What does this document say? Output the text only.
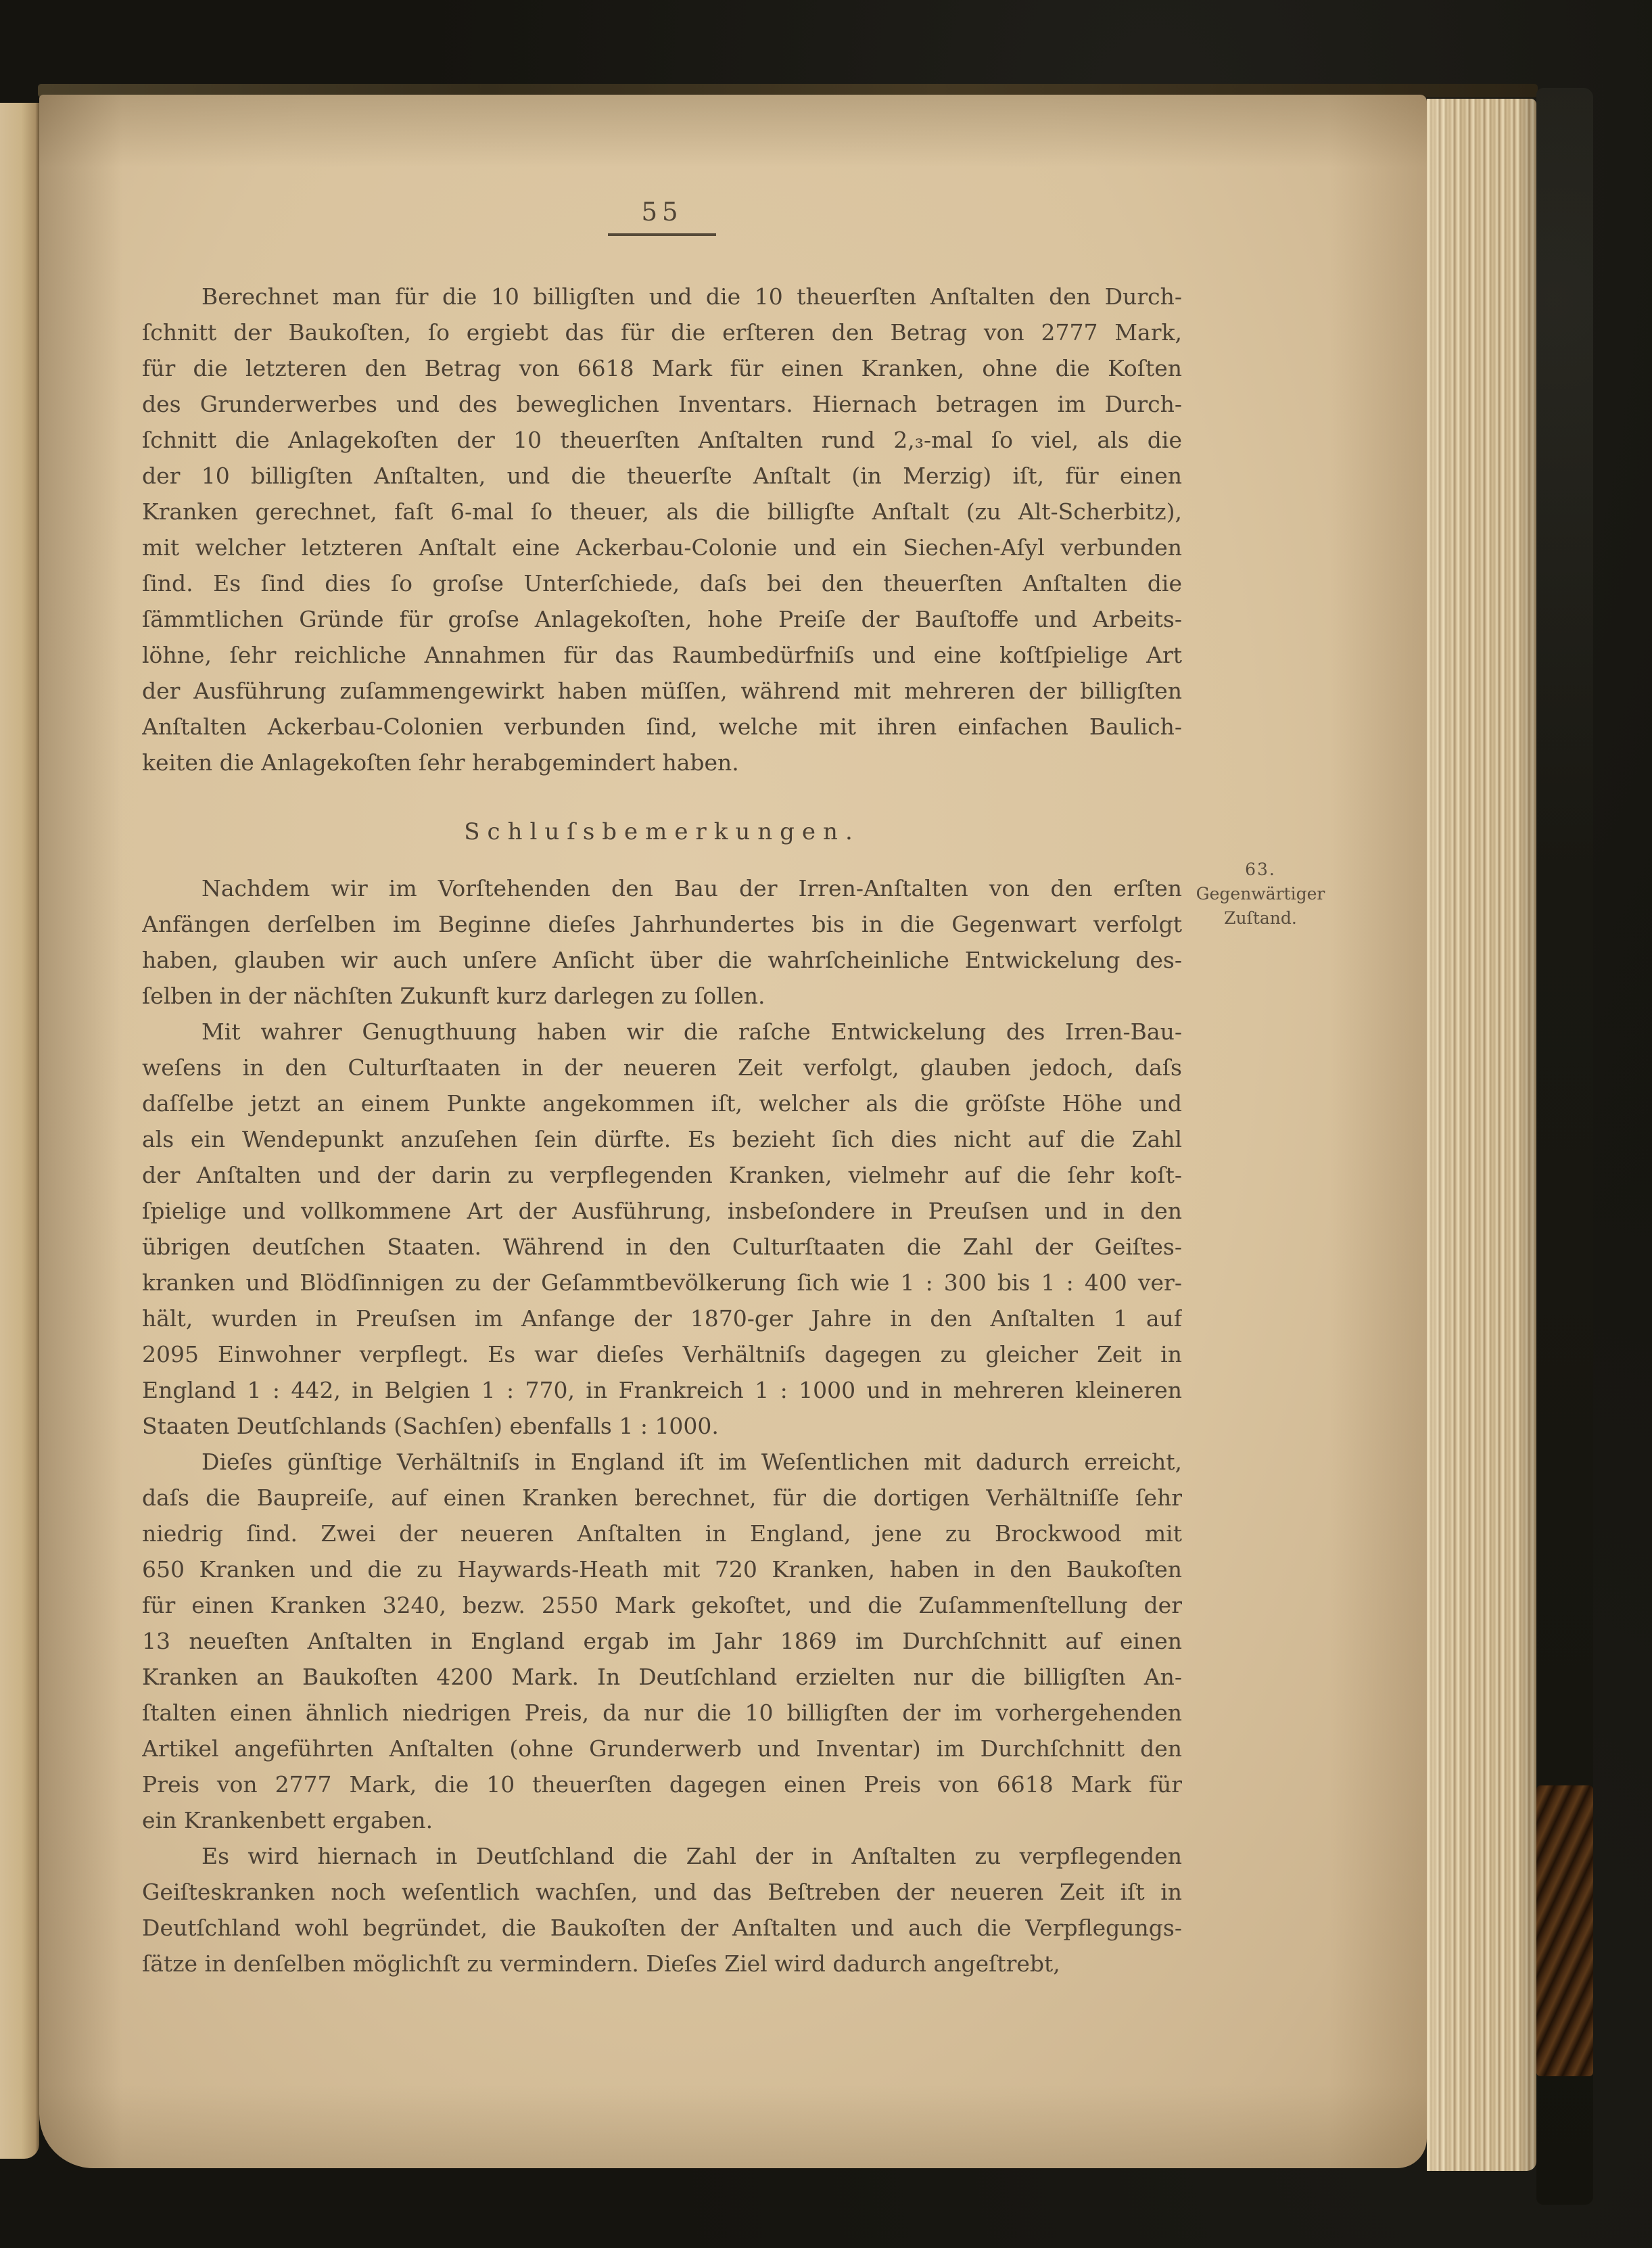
55
Berechnet man für die 10 billigſten und die 10 theuerſten Anſtalten den Durch-
ſchnitt der Baukoſten, ſo ergiebt das für die erſteren den Betrag von 2777 Mark,
für die letzteren den Betrag von 6618 Mark für einen Kranken, ohne die Koſten
des Grunderwerbes und des beweglichen Inventars. Hiernach betragen im Durch-
ſchnitt die Anlagekoſten der 10 theuerſten Anſtalten rund 2,₃-mal ſo viel, als die
der 10 billigſten Anſtalten, und die theuerſte Anſtalt (in Merzig) iſt, für einen
Kranken gerechnet, faſt 6-mal ſo theuer, als die billigſte Anſtalt (zu Alt-Scherbitz),
mit welcher letzteren Anſtalt eine Ackerbau-Colonie und ein Siechen-Aſyl verbunden
ſind. Es ſind dies ſo groſse Unterſchiede, daſs bei den theuerſten Anſtalten die
ſämmtlichen Gründe für groſse Anlagekoſten, hohe Preiſe der Bauſtoffe und Arbeits-
löhne, ſehr reichliche Annahmen für das Raumbedürfniſs und eine koſtſpielige Art
der Ausführung zuſammengewirkt haben müſſen, während mit mehreren der billigſten
Anſtalten Ackerbau-Colonien verbunden ſind, welche mit ihren einfachen Baulich-
keiten die Anlagekoſten ſehr herabgemindert haben.
Schluſsbemerkungen.
Nachdem wir im Vorſtehenden den Bau der Irren-Anſtalten von den erſten
Anfängen derſelben im Beginne dieſes Jahrhundertes bis in die Gegenwart verfolgt
haben, glauben wir auch unſere Anſicht über die wahrſcheinliche Entwickelung des-
ſelben in der nächſten Zukunft kurz darlegen zu ſollen.
Mit wahrer Genugthuung haben wir die raſche Entwickelung des Irren-Bau-
weſens in den Culturſtaaten in der neueren Zeit verfolgt, glauben jedoch, daſs
daſſelbe jetzt an einem Punkte angekommen iſt, welcher als die gröſste Höhe und
als ein Wendepunkt anzuſehen ſein dürfte. Es bezieht ſich dies nicht auf die Zahl
der Anſtalten und der darin zu verpflegenden Kranken, vielmehr auf die ſehr koſt-
ſpielige und vollkommene Art der Ausführung, insbeſondere in Preuſsen und in den
übrigen deutſchen Staaten. Während in den Culturſtaaten die Zahl der Geiſtes-
kranken und Blödſinnigen zu der Geſammtbevölkerung ſich wie 1 : 300 bis 1 : 400 ver-
hält, wurden in Preuſsen im Anfange der 1870-ger Jahre in den Anſtalten 1 auf
2095 Einwohner verpflegt. Es war dieſes Verhältniſs dagegen zu gleicher Zeit in
England 1 : 442, in Belgien 1 : 770, in Frankreich 1 : 1000 und in mehreren kleineren
Staaten Deutſchlands (Sachſen) ebenfalls 1 : 1000.
Dieſes günſtige Verhältniſs in England iſt im Weſentlichen mit dadurch erreicht,
daſs die Baupreiſe, auf einen Kranken berechnet, für die dortigen Verhältniſſe ſehr
niedrig ſind. Zwei der neueren Anſtalten in England, jene zu Brockwood mit
650 Kranken und die zu Haywards-Heath mit 720 Kranken, haben in den Baukoſten
für einen Kranken 3240, bezw. 2550 Mark gekoſtet, und die Zuſammenſtellung der
13 neueſten Anſtalten in England ergab im Jahr 1869 im Durchſchnitt auf einen
Kranken an Baukoſten 4200 Mark. In Deutſchland erzielten nur die billigſten An-
ſtalten einen ähnlich niedrigen Preis, da nur die 10 billigſten der im vorhergehenden
Artikel angeführten Anſtalten (ohne Grunderwerb und Inventar) im Durchſchnitt den
Preis von 2777 Mark, die 10 theuerſten dagegen einen Preis von 6618 Mark für
ein Krankenbett ergaben.
Es wird hiernach in Deutſchland die Zahl der in Anſtalten zu verpflegenden
Geiſteskranken noch weſentlich wachſen, und das Beſtreben der neueren Zeit iſt in
Deutſchland wohl begründet, die Baukoſten der Anſtalten und auch die Verpflegungs-
ſätze in denſelben möglichſt zu vermindern. Dieſes Ziel wird dadurch angeſtrebt,
63.
Gegenwärtiger
Zuſtand.
